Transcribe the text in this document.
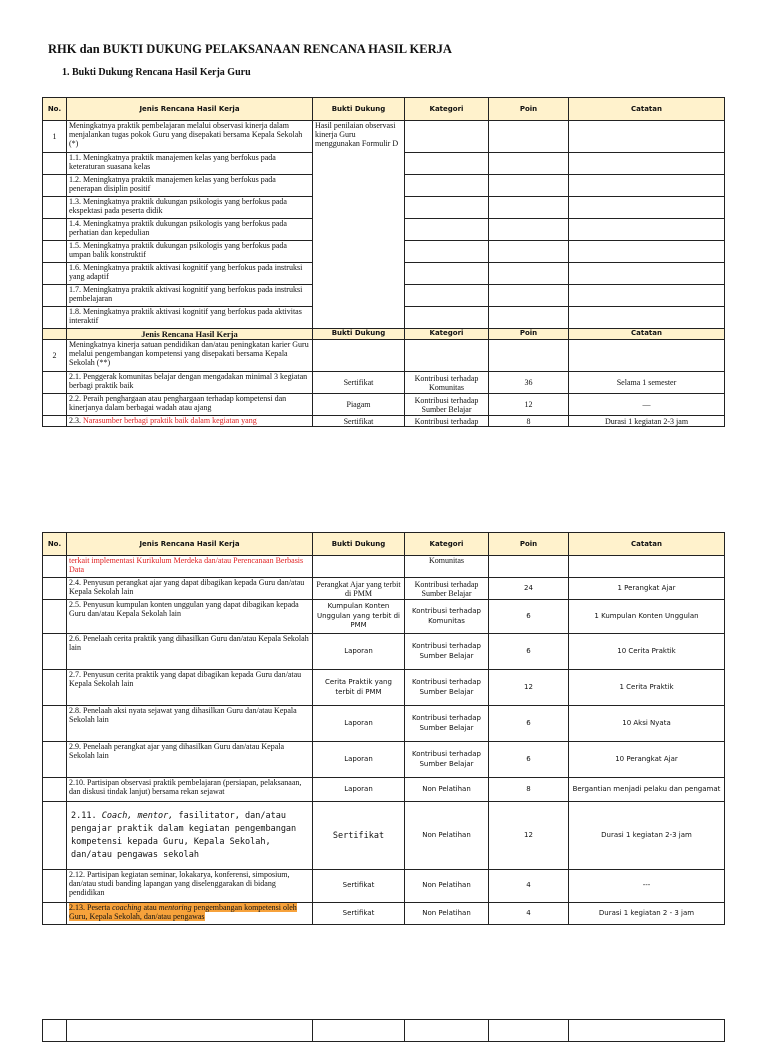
RHK dan BUKTI DUKUNG PELAKSANAAN RENCANA HASIL KERJA
1. Bukti Dukung Rencana Hasil Kerja Guru
No.	Jenis Rencana Hasil Kerja	Bukti Dukung	Kategori	Poin	Catatan
1	Meningkatnya praktik pembelajaran melalui observasi kinerja dalam menjalankan tugas pokok Guru yang disepakati bersama Kepala Sekolah (*)	Hasil penilaian observasi kinerja Guru menggunakan Formulir D			
	1.1. Meningkatnya praktik manajemen kelas yang berfokus pada keteraturan suasana kelas				
	1.2. Meningkatnya praktik manajemen kelas yang berfokus pada penerapan disiplin positif				
	1.3. Meningkatnya praktik dukungan psikologis yang berfokus pada ekspektasi pada peserta didik				
	1.4. Meningkatnya praktik dukungan psikologis yang berfokus pada perhatian dan kepedulian				
	1.5. Meningkatnya praktik dukungan psikologis yang berfokus pada umpan balik konstruktif				
	1.6. Meningkatnya praktik aktivasi kognitif yang berfokus pada instruksi yang adaptif				
	1.7. Meningkatnya praktik aktivasi kognitif yang berfokus pada instruksi pembelajaran				
	1.8. Meningkatnya praktik aktivasi kognitif yang berfokus pada aktivitas interaktif				
	Jenis Rencana Hasil Kerja	Bukti Dukung	Kategori	Poin	Catatan
2	Meningkatnya kinerja satuan pendidikan dan/atau peningkatan karier Guru melalui pengembangan kompetensi yang disepakati bersama Kepala Sekolah (**)				
	2.1. Penggerak komunitas belajar dengan mengadakan minimal 3 kegiatan berbagi praktik baik	Sertifikat	Kontribusi terhadap Komunitas	36	Selama 1 semester
	2.2. Peraih penghargaan atau penghargaan terhadap kompetensi dan kinerjanya dalam berbagai wadah atau ajang	Piagam	Kontribusi terhadap Sumber Belajar	12	—
	2.3. Narasumber berbagi praktik baik dalam kegiatan yang	Sertifikat	Kontribusi terhadap	8	Durasi 1 kegiatan 2-3 jam
No.	Jenis Rencana Hasil Kerja	Bukti Dukung	Kategori	Poin	Catatan
	terkait implementasi Kurikulum Merdeka dan/atau Perencanaan Berbasis Data		Komunitas		
	2.4. Penyusun perangkat ajar yang dapat dibagikan kepada Guru dan/atau Kepala Sekolah lain	Perangkat Ajar yang terbit di PMM	Kontribusi terhadap Sumber Belajar	24	1 Perangkat Ajar
	2.5. Penyusun kumpulan konten unggulan yang dapat dibagikan kepada Guru dan/atau Kepala Sekolah lain	Kumpulan Konten Unggulan yang terbit di PMM	Kontribusi terhadap Komunitas	6	1 Kumpulan Konten Unggulan
	2.6. Penelaah cerita praktik yang dihasilkan Guru dan/atau Kepala Sekolah lain	Laporan	Kontribusi terhadap Sumber Belajar	6	10 Cerita Praktik
	2.7. Penyusun cerita praktik yang dapat dibagikan kepada Guru dan/atau Kepala Sekolah lain	Cerita Praktik yang terbit di PMM	Kontribusi terhadap Sumber Belajar	12	1 Cerita Praktik
	2.8. Penelaah aksi nyata sejawat yang dihasilkan Guru dan/atau Kepala Sekolah lain	Laporan	Kontribusi terhadap Sumber Belajar	6	10 Aksi Nyata
	2.9. Penelaah perangkat ajar yang dihasilkan Guru dan/atau Kepala Sekolah lain	Laporan	Kontribusi terhadap Sumber Belajar	6	10 Perangkat Ajar
	2.10. Partisipan observasi praktik pembelajaran (persiapan, pelaksanaan, dan diskusi tindak lanjut) bersama rekan sejawat	Laporan	Non Pelatihan	8	Bergantian menjadi pelaku dan pengamat
	2.11. Coach, mentor, fasilitator, dan/atau pengajar praktik dalam kegiatan pengembangan kompetensi kepada Guru, Kepala Sekolah, dan/atau pengawas sekolah	Sertifikat	Non Pelatihan	12	Durasi 1 kegiatan 2-3 jam
	2.12. Partisipan kegiatan seminar, lokakarya, konferensi, simposium, dan/atau studi banding lapangan yang diselenggarakan di bidang pendidikan	Sertifikat	Non Pelatihan	4	---
	2.13. Peserta coaching atau mentoring pengembangan kompetensi oleh Guru, Kepala Sekolah, dan/atau pengawas	Sertifikat	Non Pelatihan	4	Durasi 1 kegiatan 2 - 3 jam
